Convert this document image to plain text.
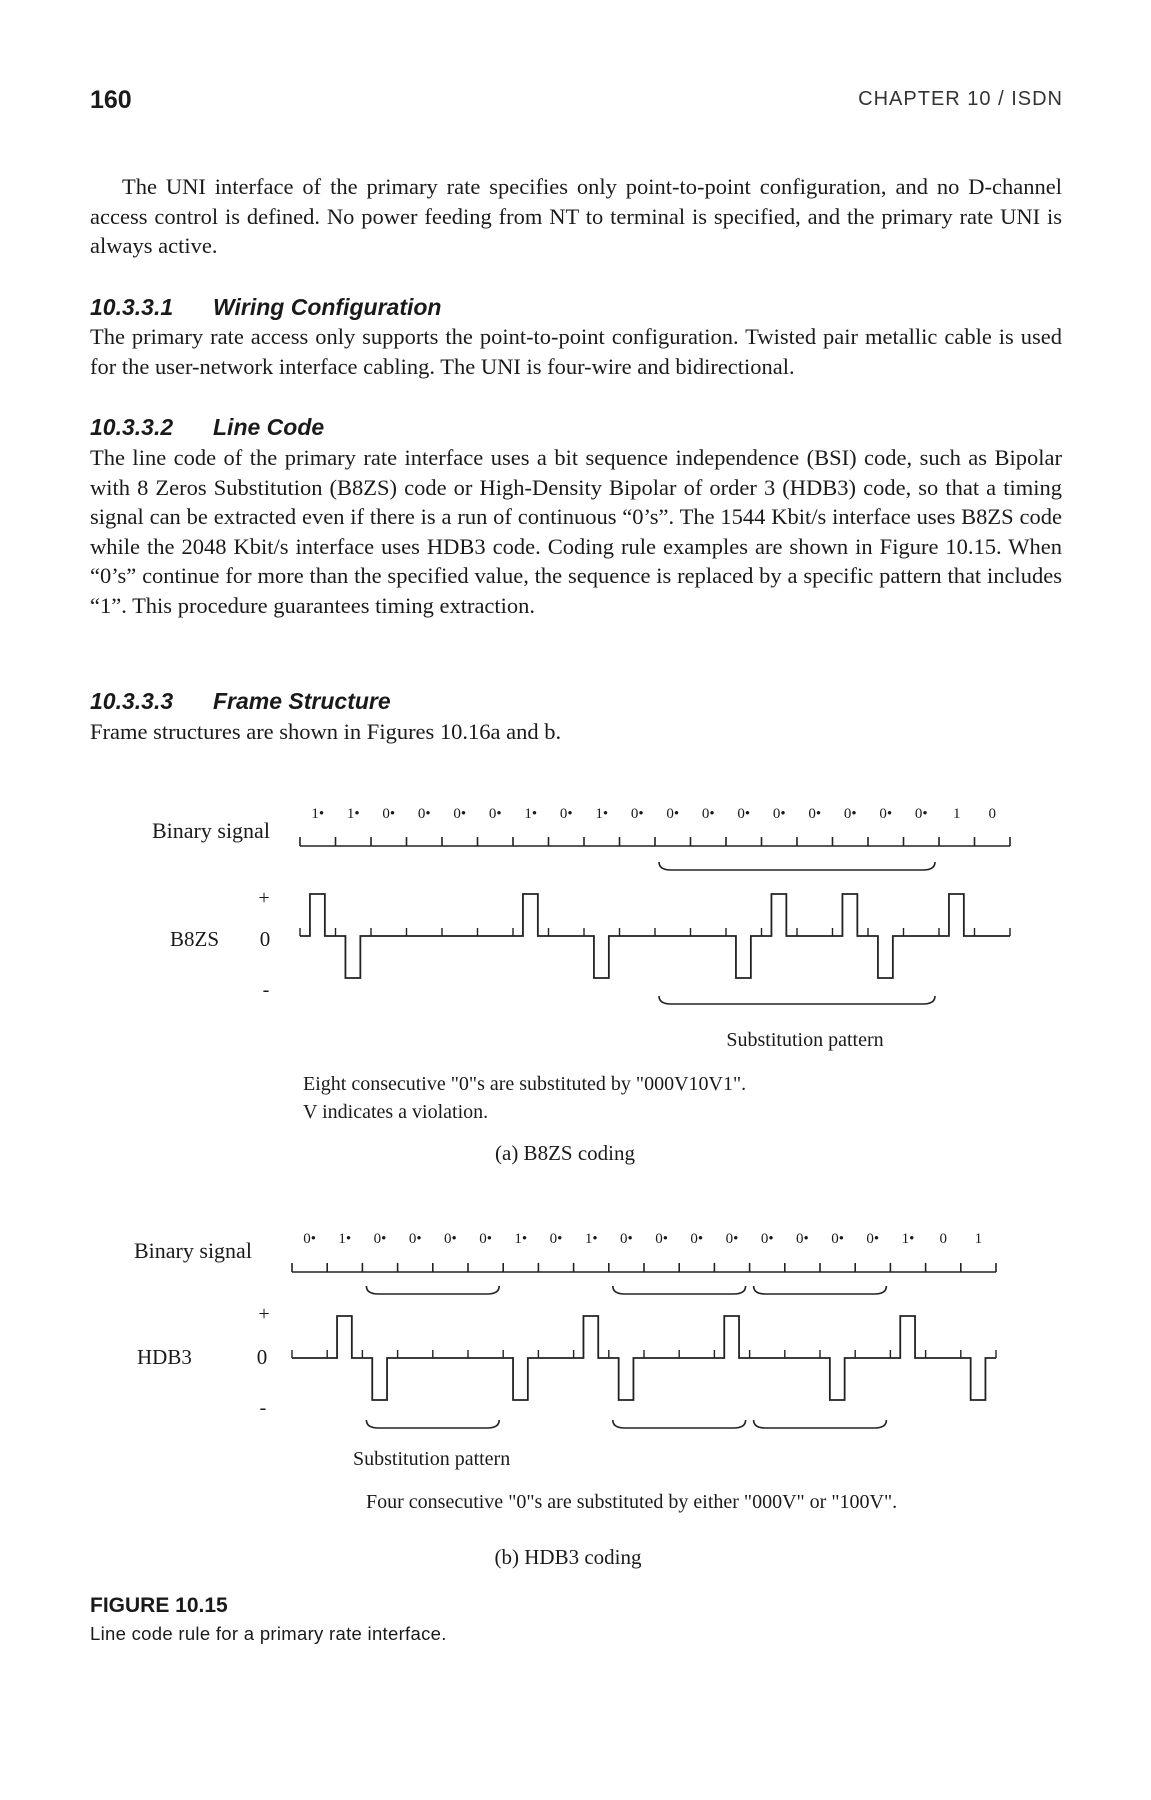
160	CHAPTER 10 / ISDN

The UNI interface of the primary rate specifies only point-to-point configuration, and no D-channel access control is defined. No power feeding from NT to terminal is specified, and the primary rate UNI is always active.

10.3.3.1 Wiring Configuration

The primary rate access only supports the point-to-point configuration. Twisted pair metallic cable is used for the user-network interface cabling. The UNI is four-wire and bidirectional.

10.3.3.2 Line Code

The line code of the primary rate interface uses a bit sequence independence (BSI) code, such as Bipolar with 8 Zeros Substitution (B8ZS) code or High-Density Bipolar of order 3 (HDB3) code, so that a timing signal can be extracted even if there is a run of continuous “0’s”. The 1544 Kbit/s interface uses B8ZS code while the 2048 Kbit/s interface uses HDB3 code. Coding rule examples are shown in Figure 10.15. When “0’s” continue for more than the specified value, the sequence is replaced by a specific pattern that includes “1”. This procedure guarantees timing extraction.

10.3.3.3 Frame Structure

Frame structures are shown in Figures 10.16a and b.

Binary signal
+
B8ZS 0
-
1• 1• 0• 0• 0• 0• 1• 0• 1• 0• 0• 0• 0• 0• 0• 0• 0• 0• 1 0
Substitution pattern
Eight consecutive "0"s are substituted by "000V10V1".
V indicates a violation.
(a) B8ZS coding
Binary signal
+
HDB3	0
-
0• 1• 0• 0• 0• 0• 1• 0• 1• 0• 0• 0• 0• 0• 0• 0• 0• 1• 0 1
Substitution pattern
Four consecutive "0"s are substituted by either "000V" or "100V".
(b) HDB3 coding
FIGURE 10.15
Line code rule for a primary rate interface.
